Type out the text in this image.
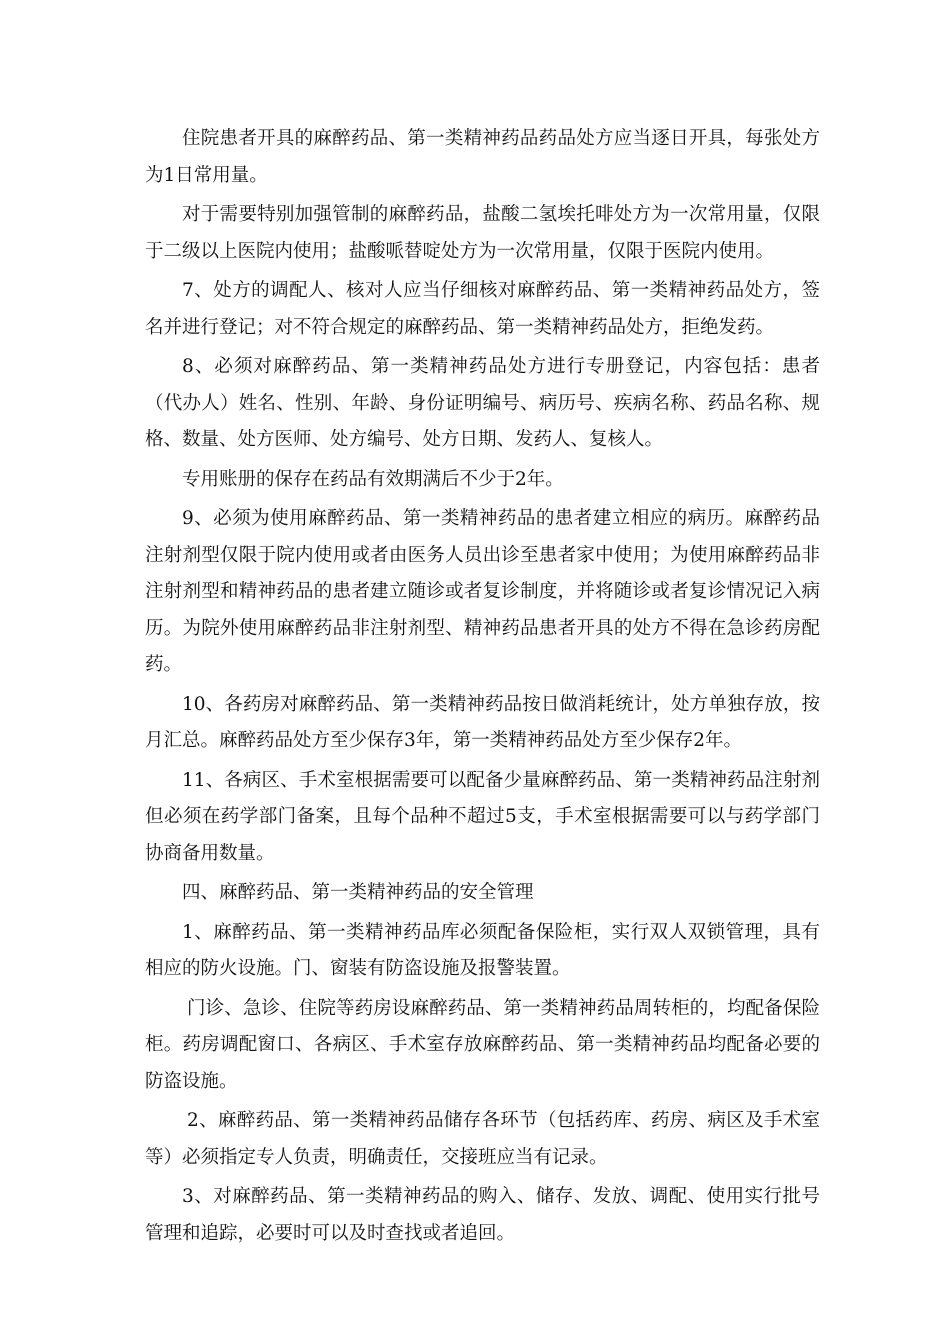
住院患者开具的麻醉药品、第一类精神药品药品处方应当逐日开具，每张处方为1日常用量。

对于需要特别加强管制的麻醉药品，盐酸二氢埃托啡处方为一次常用量，仅限于二级以上医院内使用；盐酸哌替啶处方为一次常用量，仅限于医院内使用。

7、处方的调配人、核对人应当仔细核对麻醉药品、第一类精神药品处方，签名并进行登记；对不符合规定的麻醉药品、第一类精神药品处方，拒绝发药。

8、必须对麻醉药品、第一类精神药品处方进行专册登记，内容包括：患者（代办人）姓名、性别、年龄、身份证明编号、病历号、疾病名称、药品名称、规格、数量、处方医师、处方编号、处方日期、发药人、复核人。

专用账册的保存在药品有效期满后不少于2年。

9、必须为使用麻醉药品、第一类精神药品的患者建立相应的病历。麻醉药品注射剂型仅限于院内使用或者由医务人员出诊至患者家中使用；为使用麻醉药品非注射剂型和精神药品的患者建立随诊或者复诊制度，并将随诊或者复诊情况记入病历。为院外使用麻醉药品非注射剂型、精神药品患者开具的处方不得在急诊药房配药。

10、各药房对麻醉药品、第一类精神药品按日做消耗统计，处方单独存放，按月汇总。麻醉药品处方至少保存3年，第一类精神药品处方至少保存2年。

11、各病区、手术室根据需要可以配备少量麻醉药品、第一类精神药品注射剂但必须在药学部门备案，且每个品种不超过5支，手术室根据需要可以与药学部门协商备用数量。

四、麻醉药品、第一类精神药品的安全管理

1、麻醉药品、第一类精神药品库必须配备保险柜，实行双人双锁管理，具有相应的防火设施。门、窗装有防盗设施及报警装置。

门诊、急诊、住院等药房设麻醉药品、第一类精神药品周转柜的，均配备保险柜。药房调配窗口、各病区、手术室存放麻醉药品、第一类精神药品均配备必要的防盗设施。

2、麻醉药品、第一类精神药品储存各环节（包括药库、药房、病区及手术室等）必须指定专人负责，明确责任，交接班应当有记录。

3、对麻醉药品、第一类精神药品的购入、储存、发放、调配、使用实行批号管理和追踪，必要时可以及时查找或者追回。
